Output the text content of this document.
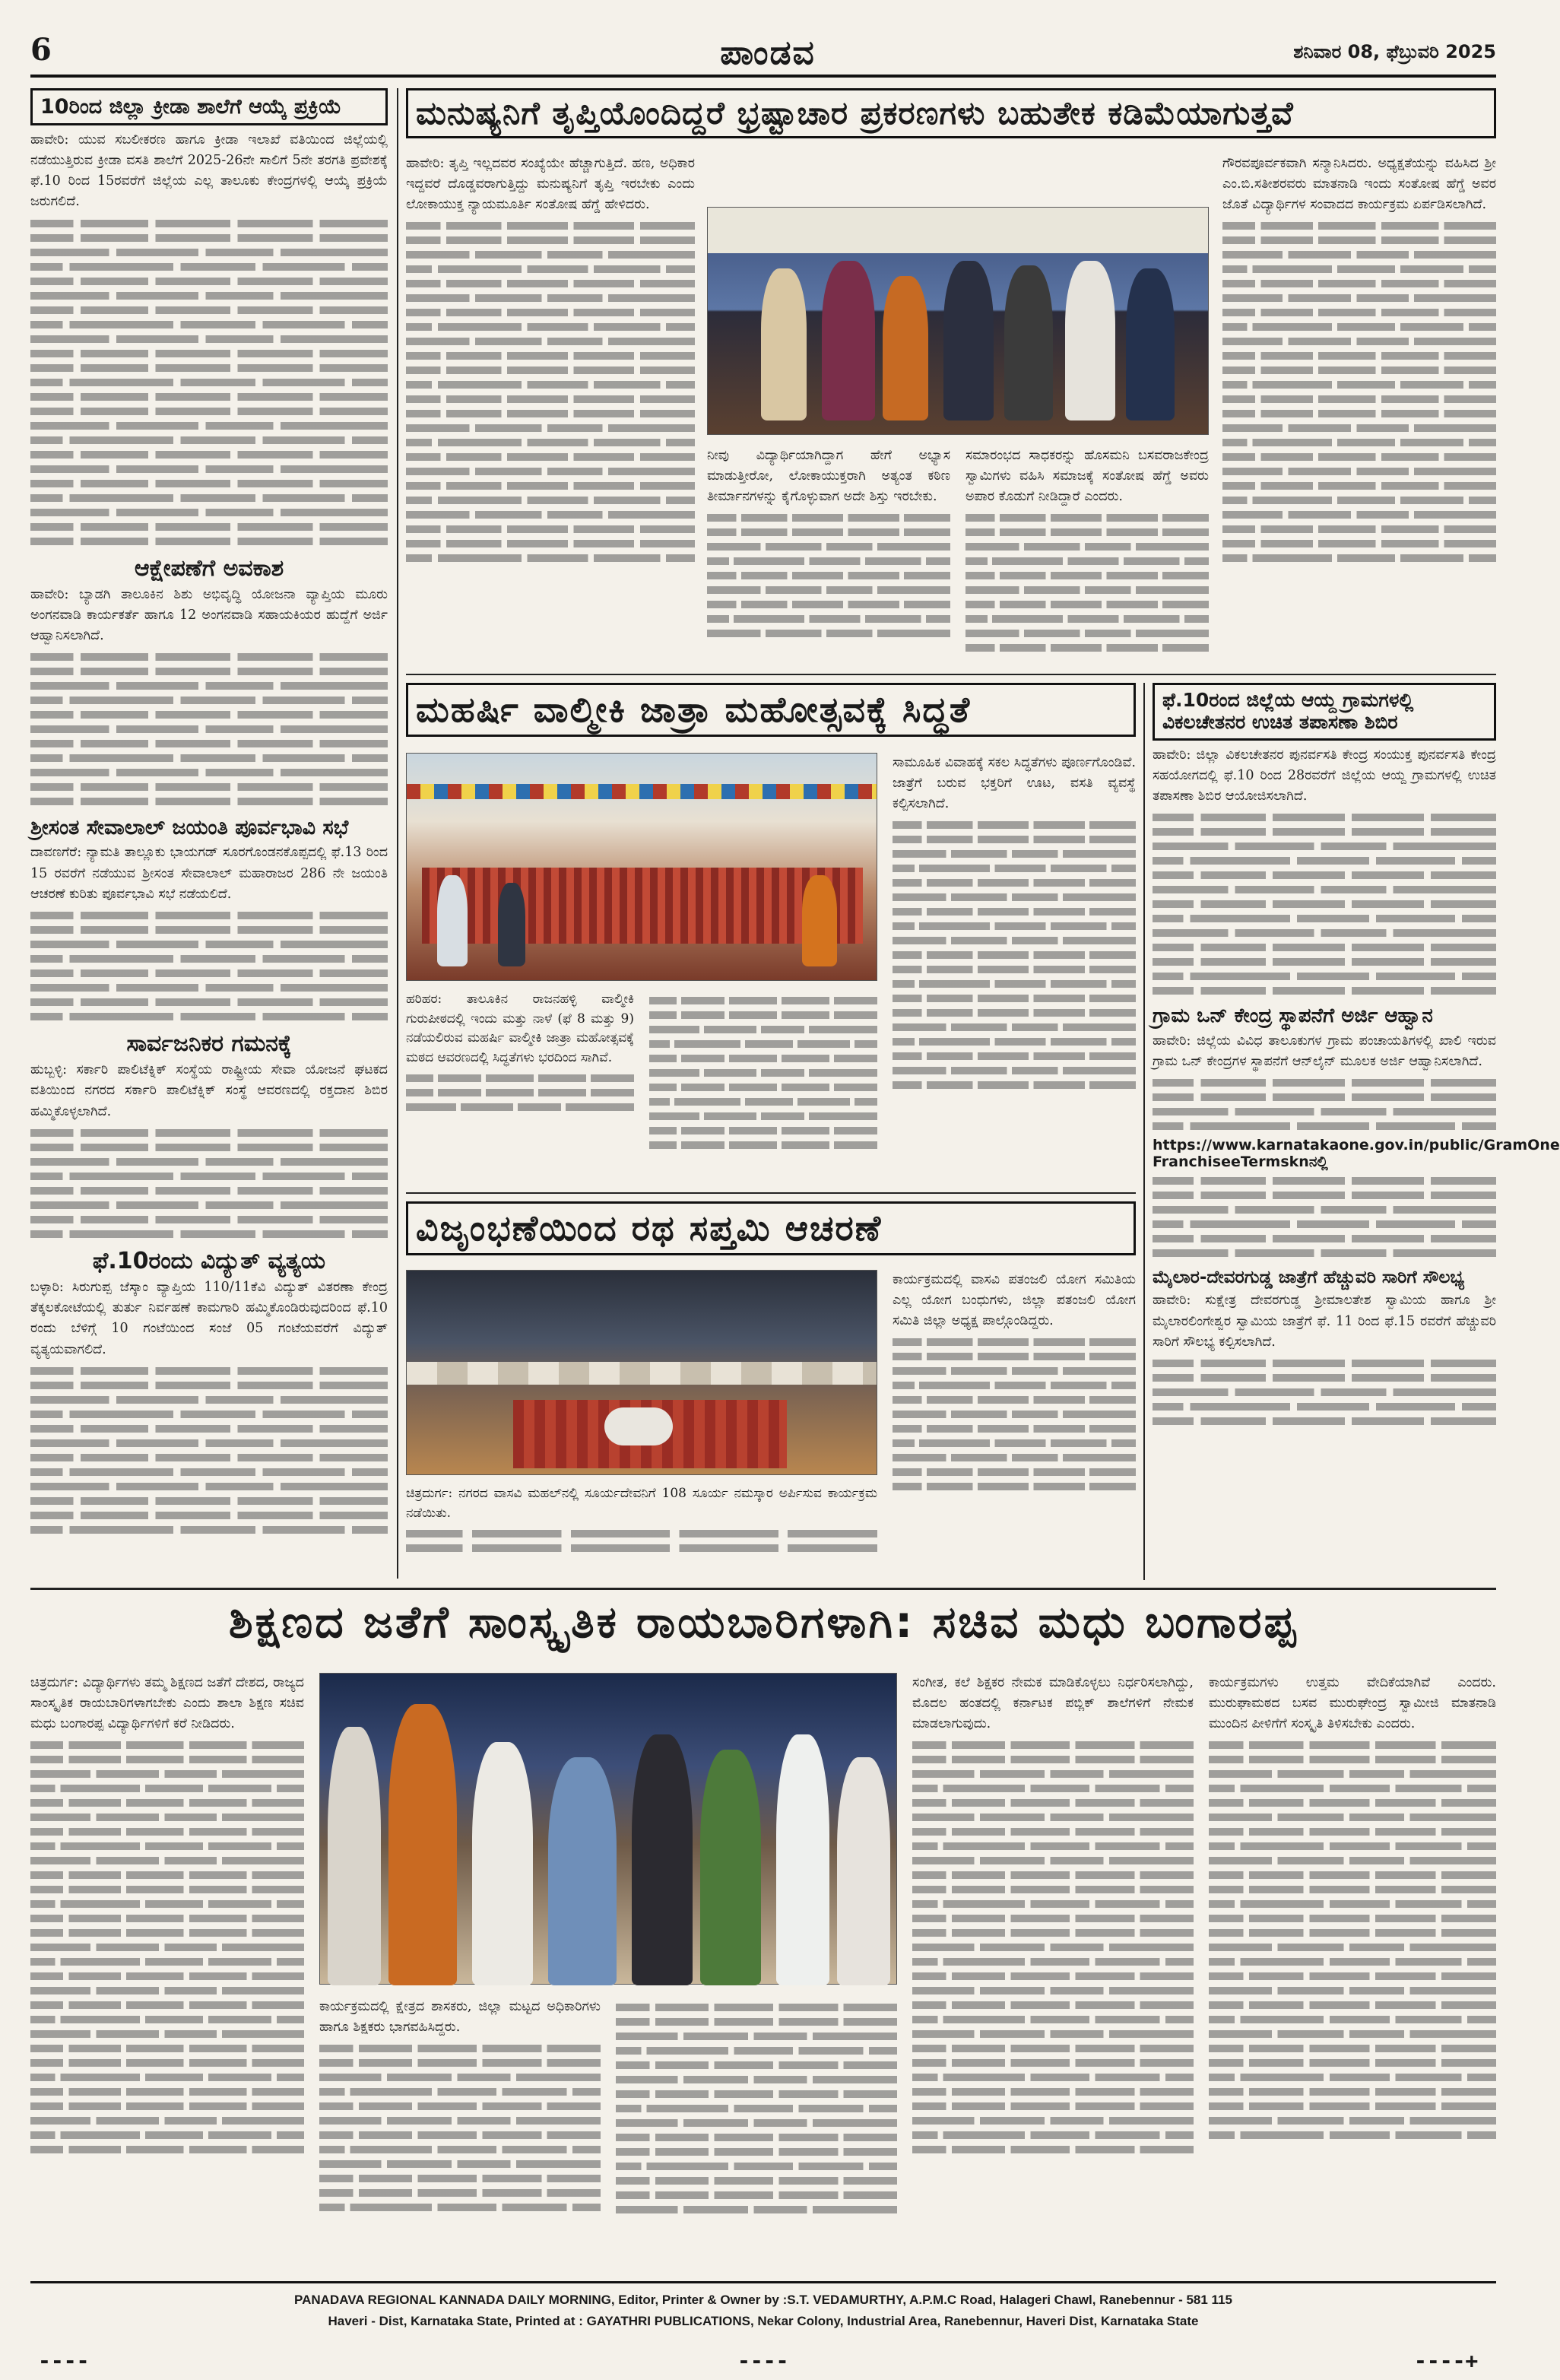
6	ಪಾಂಡವ	ಶನಿವಾರ 08, ಫೆಬ್ರುವರಿ 2025
10ರಿಂದ ಜಿಲ್ಲಾ ಕ್ರೀಡಾ ಶಾಲೆಗೆ ಆಯ್ಕೆ ಪ್ರಕ್ರಿಯೆ

ಹಾವೇರಿ: ಯುವ ಸಬಲೀಕರಣ ಹಾಗೂ ಕ್ರೀಡಾ ಇಲಾಖೆ ವತಿಯಿಂದ ಜಿಲ್ಲೆಯಲ್ಲಿ ನಡೆಯುತ್ತಿರುವ ಕ್ರೀಡಾ ವಸತಿ ಶಾಲೆಗೆ 2025-26ನೇ ಸಾಲಿಗೆ 5ನೇ ತರಗತಿ ಪ್ರವೇಶಕ್ಕೆ ಫೆ.10 ರಿಂದ 15ರವರೆಗೆ ಜಿಲ್ಲೆಯ ಎಲ್ಲ ತಾಲೂಕು ಕೇಂದ್ರಗಳಲ್ಲಿ ಆಯ್ಕೆ ಪ್ರಕ್ರಿಯೆ ಜರುಗಲಿದೆ.

ಆಕ್ಷೇಪಣೆಗೆ ಅವಕಾಶ

ಹಾವೇರಿ: ಬ್ಯಾಡಗಿ ತಾಲೂಕಿನ ಶಿಶು ಅಭಿವೃದ್ಧಿ ಯೋಜನಾ ವ್ಯಾಪ್ತಿಯ ಮೂರು ಅಂಗನವಾಡಿ ಕಾರ್ಯಕರ್ತೆ ಹಾಗೂ 12 ಅಂಗನವಾಡಿ ಸಹಾಯಕಿಯರ ಹುದ್ದೆಗೆ ಅರ್ಜಿ ಆಹ್ವಾನಿಸಲಾಗಿದೆ.

ಶ್ರೀಸಂತ ಸೇವಾಲಾಲ್ ಜಯಂತಿ ಪೂರ್ವಭಾವಿ ಸಭೆ

ದಾವಣಗೆರೆ: ನ್ಯಾಮತಿ ತಾಲ್ಲೂಕು ಭಾಯಗಡ್ ಸೂರಗೊಂಡನಕೊಪ್ಪದಲ್ಲಿ ಫೆ.13 ರಿಂದ 15 ರವರೆಗೆ ನಡೆಯುವ ಶ್ರೀಸಂತ ಸೇವಾಲಾಲ್ ಮಹಾರಾಜರ 286 ನೇ ಜಯಂತಿ ಆಚರಣೆ ಕುರಿತು ಪೂರ್ವಭಾವಿ ಸಭೆ ನಡೆಯಲಿದೆ.

ಸಾರ್ವಜನಿಕರ ಗಮನಕ್ಕೆ

ಹುಬ್ಬಳ್ಳಿ: ಸರ್ಕಾರಿ ಪಾಲಿಟೆಕ್ನಿಕ್ ಸಂಸ್ಥೆಯ ರಾಷ್ಟ್ರೀಯ ಸೇವಾ ಯೋಜನೆ ಘಟಕದ ವತಿಯಿಂದ ನಗರದ ಸರ್ಕಾರಿ ಪಾಲಿಟೆಕ್ನಿಕ್ ಸಂಸ್ಥೆ ಆವರಣದಲ್ಲಿ ರಕ್ತದಾನ ಶಿಬಿರ ಹಮ್ಮಿಕೊಳ್ಳಲಾಗಿದೆ.

ಫೆ.10ರಂದು ವಿದ್ಯುತ್ ವ್ಯತ್ಯಯ

ಬಳ್ಳಾರಿ: ಸಿರುಗುಪ್ಪ ಜೆಸ್ಕಾಂ ವ್ಯಾಪ್ತಿಯ 110/11ಕೆವಿ ವಿದ್ಯುತ್ ವಿತರಣಾ ಕೇಂದ್ರ ತೆಕ್ಕಲಕೋಟೆಯಲ್ಲಿ ತುರ್ತು ನಿರ್ವಹಣೆ ಕಾಮಗಾರಿ ಹಮ್ಮಿಕೊಂಡಿರುವುದರಿಂದ ಫೆ.10 ರಂದು ಬೆಳಿಗ್ಗೆ 10 ಗಂಟೆಯಿಂದ ಸಂಜೆ 05 ಗಂಟೆಯವರೆಗೆ ವಿದ್ಯುತ್ ವ್ಯತ್ಯಯವಾಗಲಿದೆ.

ಮನುಷ್ಯನಿಗೆ ತೃಪ್ತಿಯೊಂದಿದ್ದರೆ ಭ್ರಷ್ಟಾಚಾರ ಪ್ರಕರಣಗಳು ಬಹುತೇಕ ಕಡಿಮೆಯಾಗುತ್ತವೆ

ಹಾವೇರಿ: ತೃಪ್ತಿ ಇಲ್ಲದವರ ಸಂಖ್ಯೆಯೇ ಹೆಚ್ಚಾಗುತ್ತಿದೆ. ಹಣ, ಅಧಿಕಾರ ಇದ್ದವರೆ ದೊಡ್ಡವರಾಗುತ್ತಿದ್ದು ಮನುಷ್ಯನಿಗೆ ತೃಪ್ತಿ ಇರಬೇಕು ಎಂದು ಲೋಕಾಯುಕ್ತ ನ್ಯಾಯಮೂರ್ತಿ ಸಂತೋಷ ಹೆಗ್ಡೆ ಹೇಳಿದರು.

ನೀವು ವಿದ್ಯಾರ್ಥಿಯಾಗಿದ್ದಾಗ ಹೇಗೆ ಅಭ್ಯಾಸ ಮಾಡುತ್ತೀರೋ, ಲೋಕಾಯುಕ್ತರಾಗಿ ಅತ್ಯಂತ ಕಠಿಣ ತೀರ್ಮಾನಗಳನ್ನು ಕೈಗೊಳ್ಳುವಾಗ ಅದೇ ಶಿಸ್ತು ಇರಬೇಕು.

ಸಮಾರಂಭದ ಸಾಧಕರನ್ನು ಹೊಸಮನಿ ಬಸವರಾಜಕೇಂದ್ರ ಸ್ವಾಮಿಗಳು ವಹಿಸಿ ಸಮಾಜಕ್ಕೆ ಸಂತೋಷ ಹೆಗ್ಡೆ ಅವರು ಅಪಾರ ಕೊಡುಗೆ ನೀಡಿದ್ದಾರೆ ಎಂದರು.

ಗೌರವಪೂರ್ವಕವಾಗಿ ಸನ್ಮಾನಿಸಿದರು. ಅಧ್ಯಕ್ಷತೆಯನ್ನು ವಹಿಸಿದ ಶ್ರೀ ಎಂ.ಬಿ.ಸತೀಶರವರು ಮಾತನಾಡಿ ಇಂದು ಸಂತೋಷ ಹೆಗ್ಡೆ ಅವರ ಜೊತೆ ವಿದ್ಯಾರ್ಥಿಗಳ ಸಂವಾದದ ಕಾರ್ಯಕ್ರಮ ಏರ್ಪಡಿಸಲಾಗಿದೆ.

ಮಹರ್ಷಿ ವಾಲ್ಮೀಕಿ ಜಾತ್ರಾ ಮಹೋತ್ಸವಕ್ಕೆ ಸಿದ್ಧತೆ

ಹರಿಹರ: ತಾಲೂಕಿನ ರಾಜನಹಳ್ಳಿ ವಾಲ್ಮೀಕಿ ಗುರುಪೀಠದಲ್ಲಿ ಇಂದು ಮತ್ತು ನಾಳೆ (ಫೆ 8 ಮತ್ತು 9) ನಡೆಯಲಿರುವ ಮಹರ್ಷಿ ವಾಲ್ಮೀಕಿ ಜಾತ್ರಾ ಮಹೋತ್ಸವಕ್ಕೆ ಮಠದ ಆವರಣದಲ್ಲಿ ಸಿದ್ಧತೆಗಳು ಭರದಿಂದ ಸಾಗಿವೆ.

ಸಾಮೂಹಿಕ ವಿವಾಹಕ್ಕೆ ಸಕಲ ಸಿದ್ಧತೆಗಳು ಪೂರ್ಣಗೊಂಡಿವೆ. ಜಾತ್ರೆಗೆ ಬರುವ ಭಕ್ತರಿಗೆ ಊಟ, ವಸತಿ ವ್ಯವಸ್ಥೆ ಕಲ್ಪಿಸಲಾಗಿದೆ.

ವಿಜೃಂಭಣೆಯಿಂದ ರಥ ಸಪ್ತಮಿ ಆಚರಣೆ

ಚಿತ್ರದುರ್ಗ: ನಗರದ ವಾಸವಿ ಮಹಲ್‌ನಲ್ಲಿ ಸೂರ್ಯದೇವನಿಗೆ 108 ಸೂರ್ಯ ನಮಸ್ಕಾರ ಅರ್ಪಿಸುವ ಕಾರ್ಯಕ್ರಮ ನಡೆಯಿತು.

ಕಾರ್ಯಕ್ರಮದಲ್ಲಿ ವಾಸವಿ ಪತಂಜಲಿ ಯೋಗ ಸಮಿತಿಯ ಎಲ್ಲ ಯೋಗ ಬಂಧುಗಳು, ಜಿಲ್ಲಾ ಪತಂಜಲಿ ಯೋಗ ಸಮಿತಿ ಜಿಲ್ಲಾ ಅಧ್ಯಕ್ಷ ಪಾಲ್ಗೊಂಡಿದ್ದರು.

ಫೆ.10ರಂದ ಜಿಲ್ಲೆಯ ಆಯ್ದ ಗ್ರಾಮಗಳಲ್ಲಿ ವಿಕಲಚೇತನರ ಉಚಿತ ತಪಾಸಣಾ ಶಿಬಿರ

ಹಾವೇರಿ: ಜಿಲ್ಲಾ ವಿಕಲಚೇತನರ ಪುನರ್ವಸತಿ ಕೇಂದ್ರ ಸಂಯುಕ್ತ ಪುನರ್ವಸತಿ ಕೇಂದ್ರ ಸಹಯೋಗದಲ್ಲಿ ಫೆ.10 ರಿಂದ 28ರವರೆಗೆ ಜಿಲ್ಲೆಯ ಆಯ್ದ ಗ್ರಾಮಗಳಲ್ಲಿ ಉಚಿತ ತಪಾಸಣಾ ಶಿಬಿರ ಆಯೋಜಿಸಲಾಗಿದೆ.

ಗ್ರಾಮ ಒನ್ ಕೇಂದ್ರ ಸ್ಥಾಪನೆಗೆ ಅರ್ಜಿ ಆಹ್ವಾನ

ಹಾವೇರಿ: ಜಿಲ್ಲೆಯ ವಿವಿಧ ತಾಲೂಕುಗಳ ಗ್ರಾಮ ಪಂಚಾಯತಿಗಳಲ್ಲಿ ಖಾಲಿ ಇರುವ ಗ್ರಾಮ ಒನ್ ಕೇಂದ್ರಗಳ ಸ್ಥಾಪನೆಗೆ ಆನ್‌ಲೈನ್ ಮೂಲಕ ಅರ್ಜಿ ಆಹ್ವಾನಿಸಲಾಗಿದೆ.

https://www.karnatakaone.gov.in/public/GramOne FranchiseeTermsknನಲ್ಲಿ
ಮೈಲಾರ-ದೇವರಗುಡ್ಡ ಜಾತ್ರೆಗೆ ಹೆಚ್ಚುವರಿ ಸಾರಿಗೆ ಸೌಲಭ್ಯ

ಹಾವೇರಿ: ಸುಕ್ಷೇತ್ರ ದೇವರಗುಡ್ಡ ಶ್ರೀಮಾಲತೇಶ ಸ್ವಾಮಿಯ ಹಾಗೂ ಶ್ರೀ ಮೈಲಾರಲಿಂಗೇಶ್ವರ ಸ್ವಾಮಿಯ ಜಾತ್ರೆಗೆ ಫೆ. 11 ರಿಂದ ಫೆ.15 ರವರೆಗೆ ಹೆಚ್ಚುವರಿ ಸಾರಿಗೆ ಸೌಲಭ್ಯ ಕಲ್ಪಿಸಲಾಗಿದೆ.

ಶಿಕ್ಷಣದ ಜತೆಗೆ ಸಾಂಸ್ಕೃತಿಕ ರಾಯಬಾರಿಗಳಾಗಿ: ಸಚಿವ ಮಧು ಬಂಗಾರಪ್ಪ

ಚಿತ್ರದುರ್ಗ: ವಿದ್ಯಾರ್ಥಿಗಳು ತಮ್ಮ ಶಿಕ್ಷಣದ ಜತೆಗೆ ದೇಶದ, ರಾಜ್ಯದ ಸಾಂಸ್ಕೃತಿಕ ರಾಯಬಾರಿಗಳಾಗಬೇಕು ಎಂದು ಶಾಲಾ ಶಿಕ್ಷಣ ಸಚಿವ ಮಧು ಬಂಗಾರಪ್ಪ ವಿದ್ಯಾರ್ಥಿಗಳಿಗೆ ಕರೆ ನೀಡಿದರು.

ಕಾರ್ಯಕ್ರಮದಲ್ಲಿ ಕ್ಷೇತ್ರದ ಶಾಸಕರು, ಜಿಲ್ಲಾ ಮಟ್ಟದ ಅಧಿಕಾರಿಗಳು ಹಾಗೂ ಶಿಕ್ಷಕರು ಭಾಗವಹಿಸಿದ್ದರು.

ಸಂಗೀತ, ಕಲೆ ಶಿಕ್ಷಕರ ನೇಮಕ ಮಾಡಿಕೊಳ್ಳಲು ನಿರ್ಧರಿಸಲಾಗಿದ್ದು, ಮೊದಲ ಹಂತದಲ್ಲಿ ಕರ್ನಾಟಕ ಪಬ್ಲಿಕ್ ಶಾಲೆಗಳಿಗೆ ನೇಮಕ ಮಾಡಲಾಗುವುದು.

ಕಾರ್ಯಕ್ರಮಗಳು ಉತ್ತಮ ವೇದಿಕೆಯಾಗಿವೆ ಎಂದರು. ಮುರುಘಾಮಠದ ಬಸವ ಮುರುಘೇಂದ್ರ ಸ್ವಾಮೀಜಿ ಮಾತನಾಡಿ ಮುಂದಿನ ಪೀಳಿಗೆಗೆ ಸಂಸ್ಕೃತಿ ತಿಳಿಸಬೇಕು ಎಂದರು.

PANADAVA REGIONAL KANNADA DAILY MORNING, Editor, Printer & Owner by :S.T. VEDAMURTHY, A.P.M.C Road, Halageri Chawl, Ranebennur - 581 115
Haveri - Dist, Karnataka State, Printed at : GAYATHRI PUBLICATIONS, Nekar Colony, Industrial Area, Ranebennur, Haveri Dist, Karnataka State
----	----	----+
